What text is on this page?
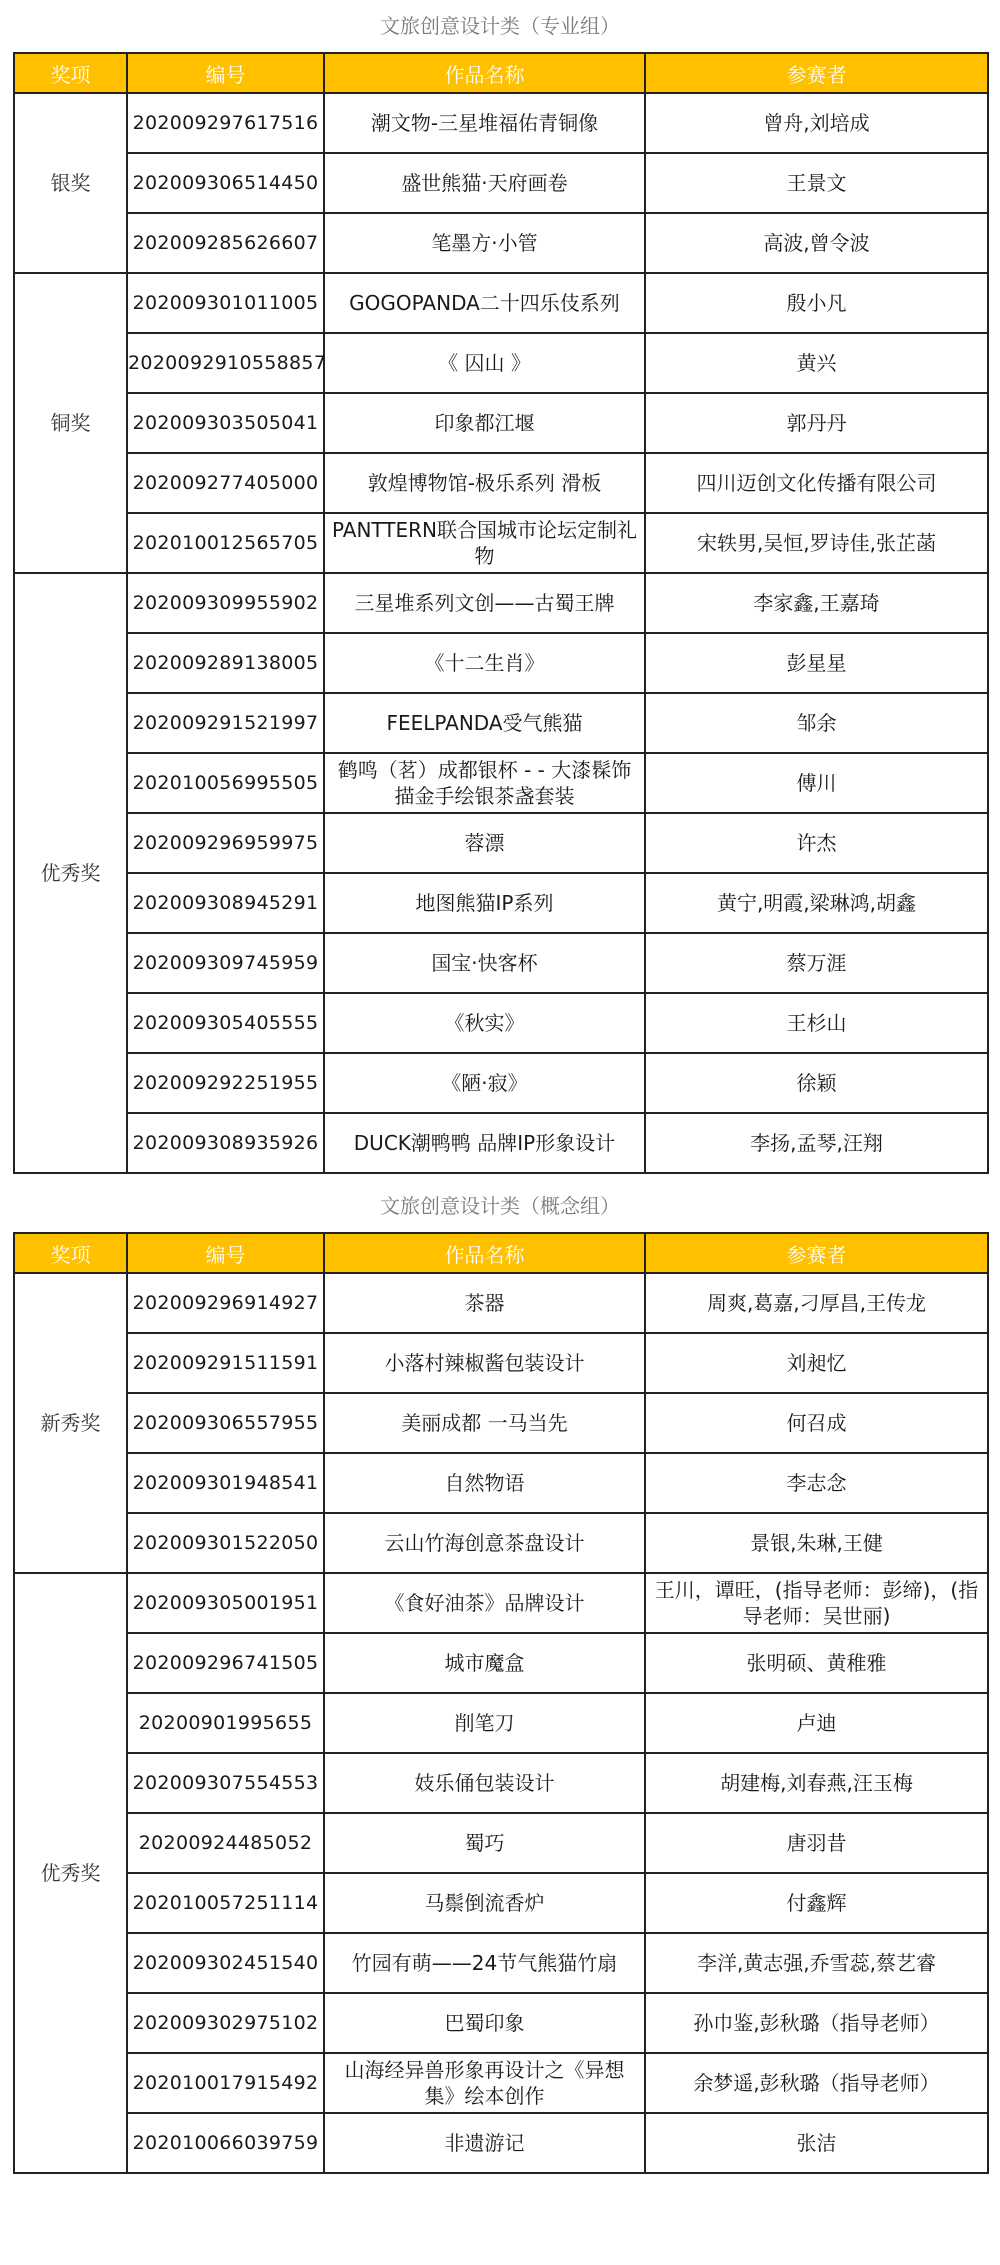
文旅创意设计类（专业组）
奖项	编号	作品名称	参赛者
银奖	202009297617516	潮文物-三星堆福佑青铜像	曾舟,刘培成
	202009306514450	盛世熊猫·天府画卷	王景文
	202009285626607	笔墨方·小管	高波,曾令波
铜奖	202009301011005	GOGOPANDA二十四乐伎系列	殷小凡
	2020092910558857	《 囚山 》	黄兴
	202009303505041	印象都江堰	郭丹丹
	202009277405000	敦煌博物馆-极乐系列 滑板	四川迈创文化传播有限公司
	202010012565705	PANTTERN联合国城市论坛定制礼物	宋轶男,吴恒,罗诗佳,张芷菡
优秀奖	202009309955902	三星堆系列文创——古蜀王牌	李家鑫,王嘉琦
	202009289138005	《十二生肖》	彭星星
	202009291521997	FEELPANDA受气熊猫	邹余
	202010056995505	鹤鸣（茗）成都银杯 - - 大漆髹饰描金手绘银茶盏套装	傅川
	202009296959975	蓉漂	许杰
	202009308945291	地图熊猫IP系列	黄宁,明霞,梁琳鸿,胡鑫
	202009309745959	国宝·快客杯	蔡万涯
	202009305405555	《秋实》	王杉山
	202009292251955	《陋·寂》	徐颖
	202009308935926	DUCK潮鸭鸭 品牌IP形象设计	李扬,孟琴,汪翔
文旅创意设计类（概念组）
奖项	编号	作品名称	参赛者
新秀奖	202009296914927	茶器	周爽,葛嘉,刁厚昌,王传龙
	202009291511591	小落村辣椒酱包装设计	刘昶忆
	202009306557955	美丽成都 一马当先	何召成
	202009301948541	自然物语	李志念
	202009301522050	云山竹海创意茶盘设计	景银,朱琳,王健
优秀奖	202009305001951	《食好油茶》品牌设计	王川，谭旺，(指导老师：彭缔)，(指导老师：吴世丽)
	202009296741505	城市魔盒	张明硕、黄稚雅
	20200901995655	削笔刀	卢迪
	202009307554553	妓乐俑包装设计	胡建梅,刘春燕,汪玉梅
	20200924485052	蜀巧	唐羽昔
	202010057251114	马鬃倒流香炉	付鑫辉
	202009302451540	竹园有萌——24节气熊猫竹扇	李洋,黄志强,乔雪蕊,蔡艺睿
	202009302975102	巴蜀印象	孙巾鉴,彭秋璐（指导老师）
	202010017915492	山海经异兽形象再设计之《异想集》绘本创作	余梦遥,彭秋璐（指导老师）
	202010066039759	非遗游记	张洁
